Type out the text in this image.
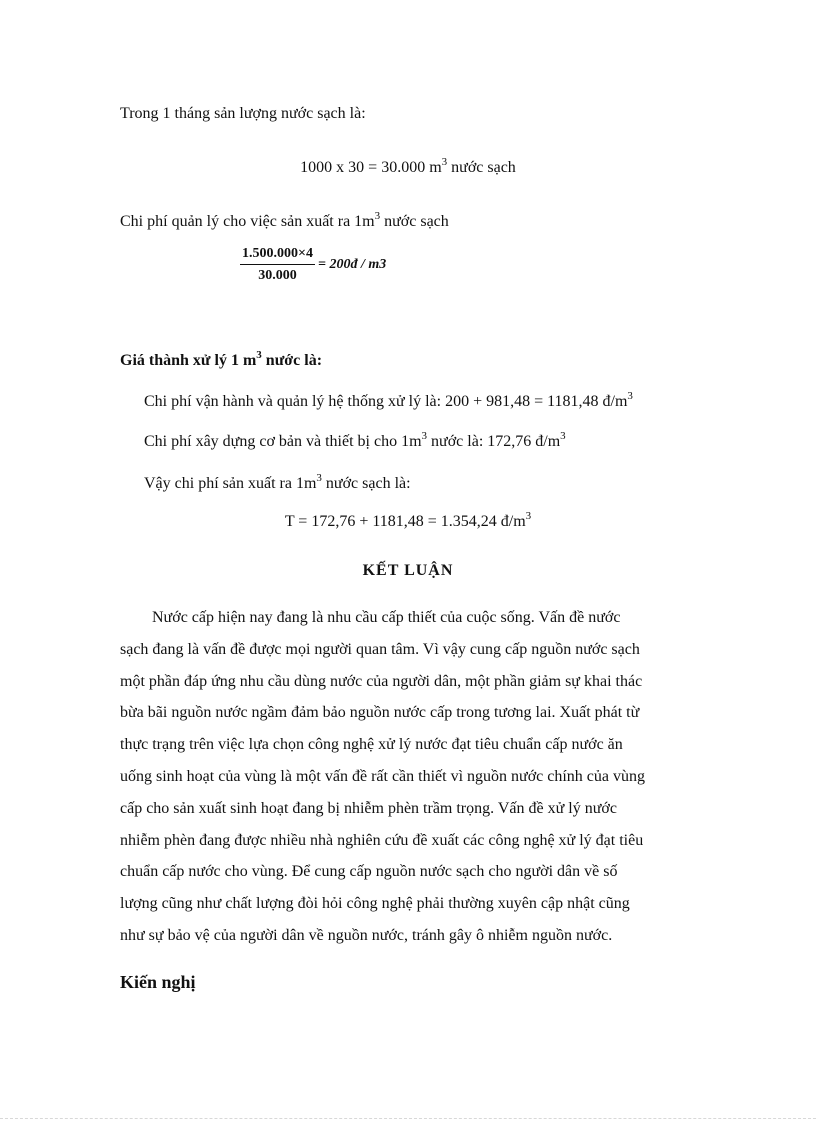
Trong 1 tháng sản lượng nước sạch là:
1000 x 30 = 30.000 $m^3$ nước sạch
Chi phí quản lý cho việc sản xuất ra $1m^3$ nước sạch
$\frac{1.500.000\times 4}{30.000}$ = 200đ / m3
Giá thành xử lý 1 $m^3$ nước là:
Chi phí vận hành và quản lý hệ thống xử lý là: 200 + 981,48 = 1181,48 $đ/m^3$
Chi phí xây dựng cơ bản và thiết bị cho $1m^3$ nước là: 172,76 $đ/m^3$
Vậy chi phí sản xuất ra $1m^3$ nước sạch là:
T = 172,76 + 1181,48 = 1.354,24 $đ/m^3$
KẾT LUẬN
Nước cấp hiện nay đang là nhu cầu cấp thiết của cuộc sống. Vấn đề nước
sạch đang là vấn đề được mọi người quan tâm. Vì vậy cung cấp nguồn nước sạch
một phần đáp ứng nhu cầu dùng nước của người dân, một phần giảm sự khai thác
bừa bãi nguồn nước ngầm đảm bảo nguồn nước cấp trong tương lai. Xuất phát từ
thực trạng trên việc lựa chọn công nghệ xử lý nước đạt tiêu chuẩn cấp nước ăn
uống sinh hoạt của vùng là một vấn đề rất cần thiết vì nguồn nước chính của vùng
cấp cho sản xuất sinh hoạt đang bị nhiễm phèn trầm trọng. Vấn đề xử lý nước
nhiễm phèn đang được nhiều nhà nghiên cứu đề xuất các công nghệ xử lý đạt tiêu
chuẩn cấp nước cho vùng. Để cung cấp nguồn nước sạch cho người dân về số
lượng cũng như chất lượng đòi hỏi công nghệ phải thường xuyên cập nhật cũng
như sự bảo vệ của người dân về nguồn nước, tránh gây ô nhiễm nguồn nước.
Kiến nghị
